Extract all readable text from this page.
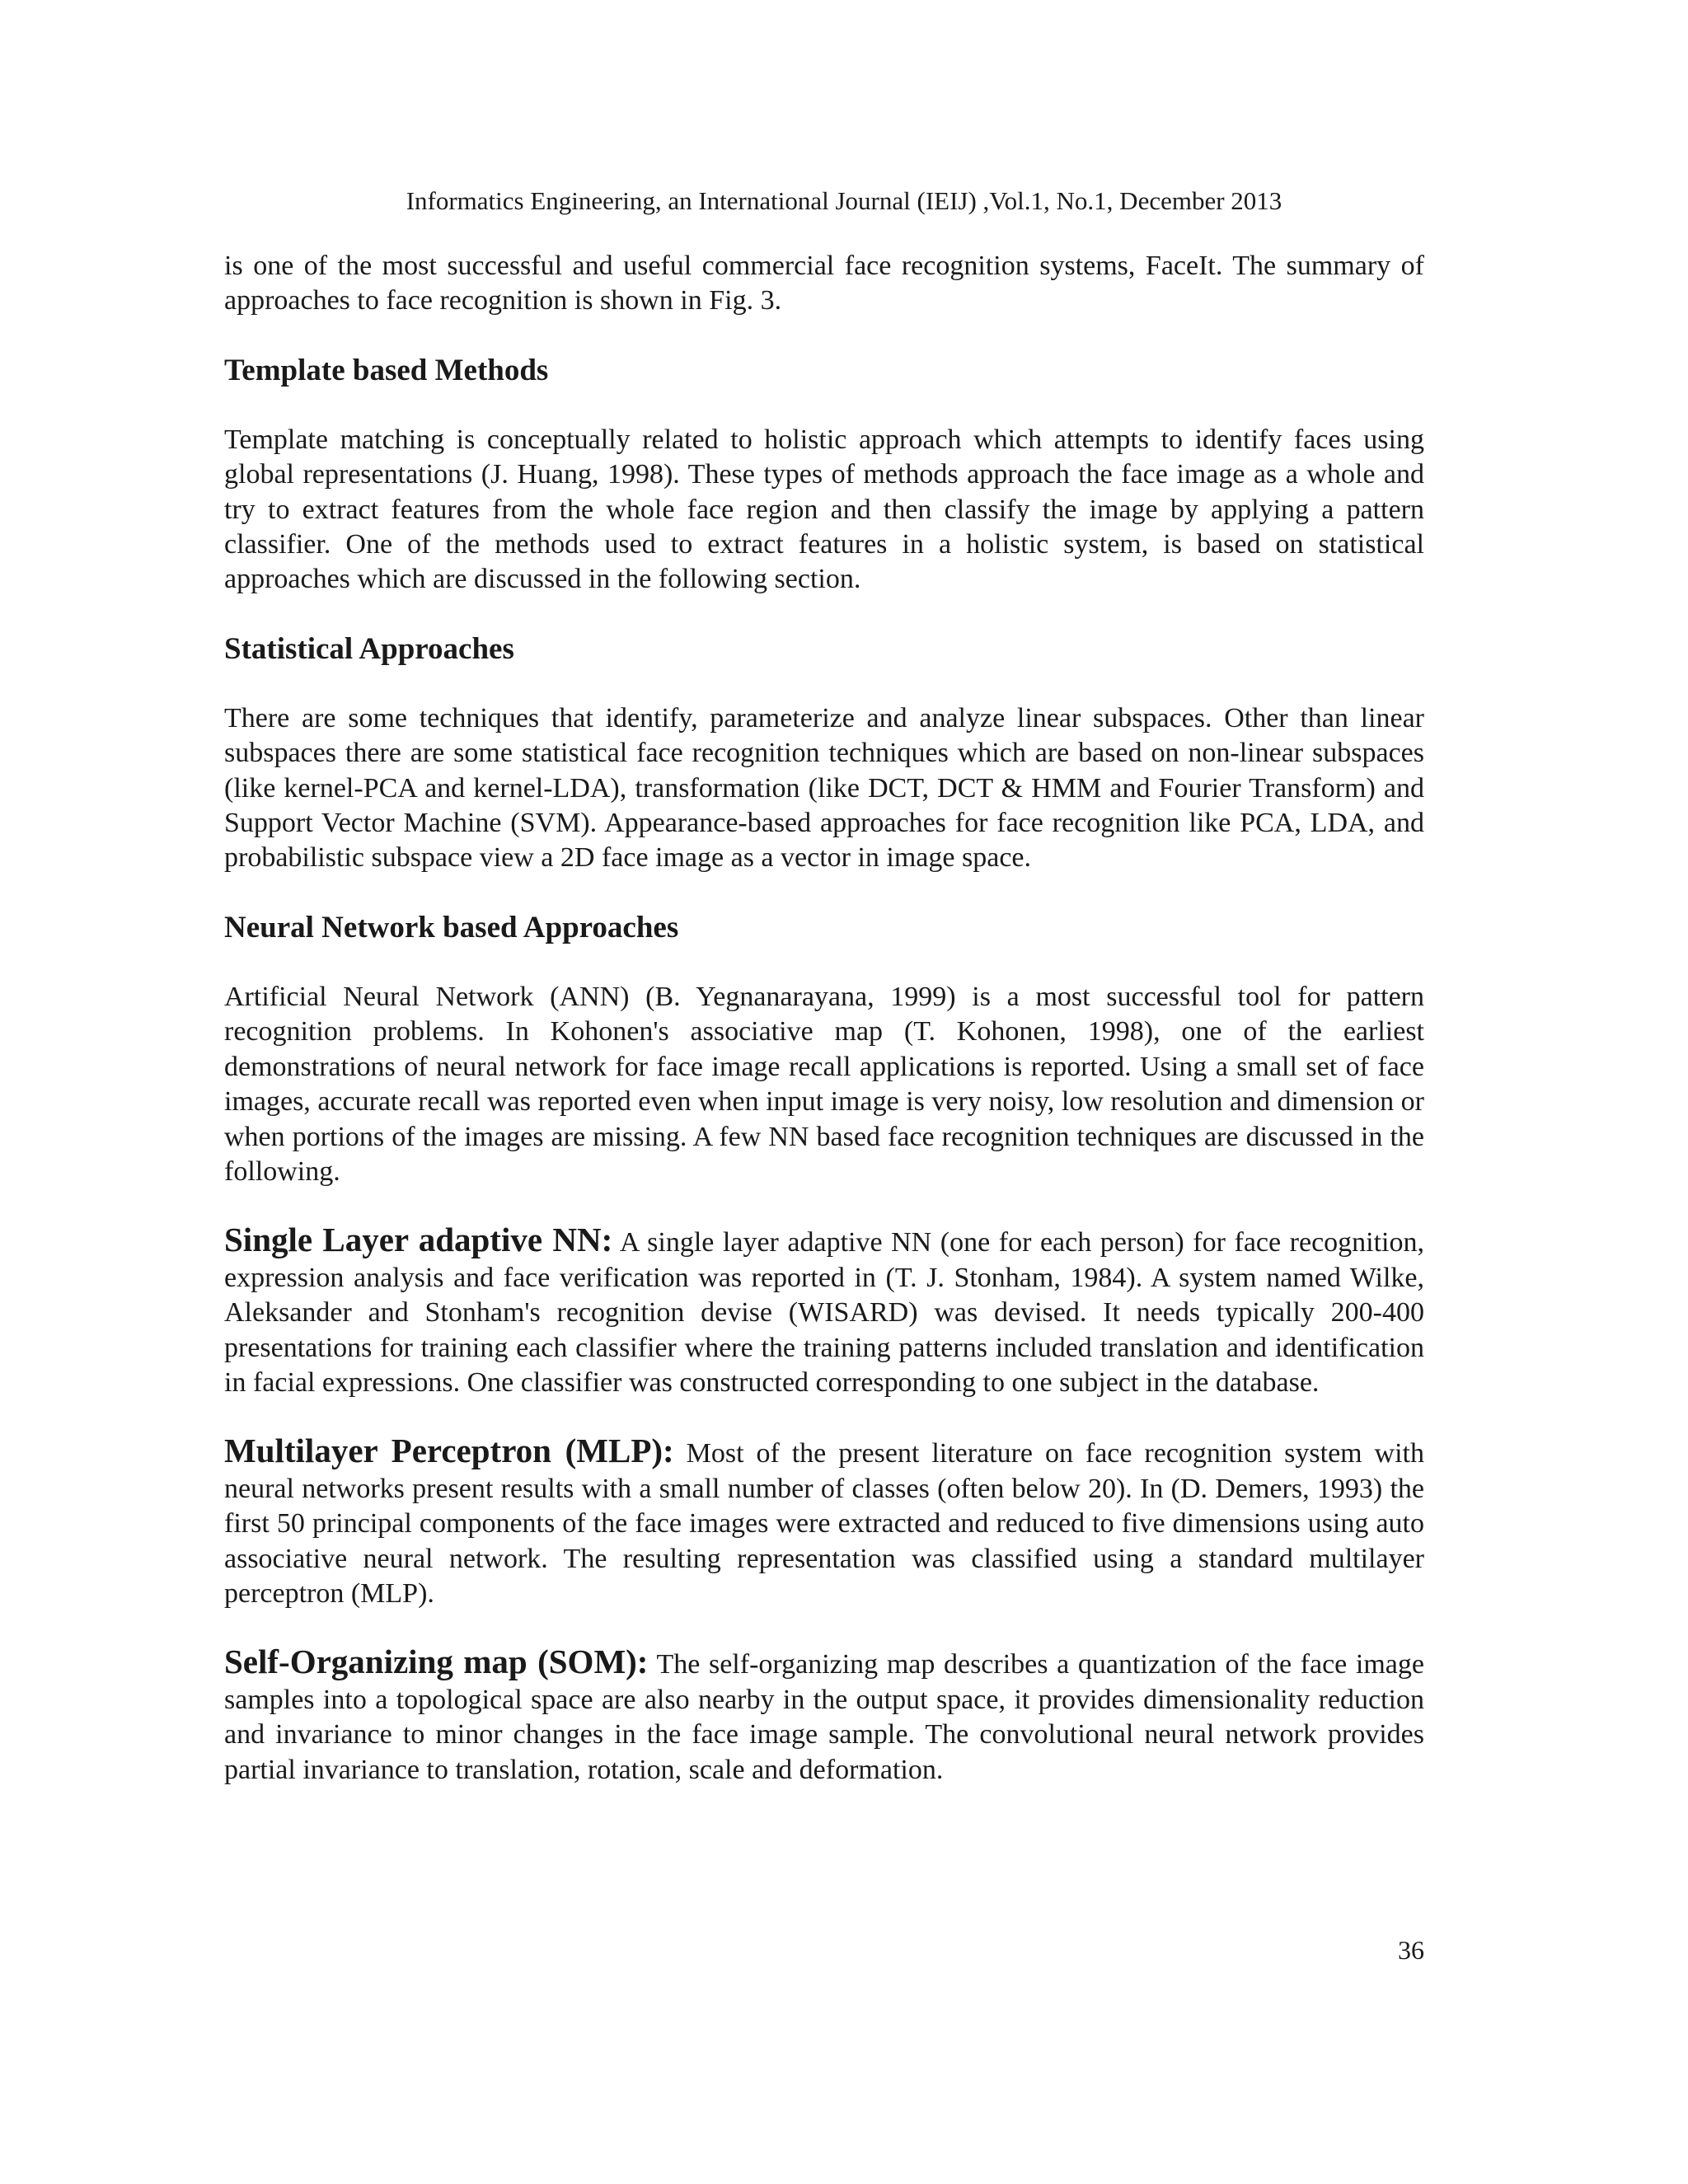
Informatics Engineering, an International Journal (IEIJ) ,Vol.1, No.1, December 2013

is one of the most successful and useful commercial face recognition systems, FaceIt. The summary of approaches to face recognition is shown in Fig. 3.

Template based Methods

Template matching is conceptually related to holistic approach which attempts to identify faces using global representations (J. Huang, 1998). These types of methods approach the face image as a whole and try to extract features from the whole face region and then classify the image by applying a pattern classifier. One of the methods used to extract features in a holistic system, is based on statistical approaches which are discussed in the following section.

Statistical Approaches

There are some techniques that identify, parameterize and analyze linear subspaces. Other than linear subspaces there are some statistical face recognition techniques which are based on non-linear subspaces (like kernel-PCA and kernel-LDA), transformation (like DCT, DCT & HMM and Fourier Transform) and Support Vector Machine (SVM). Appearance-based approaches for face recognition like PCA, LDA, and probabilistic subspace view a 2D face image as a vector in image space.

Neural Network based Approaches

Artificial Neural Network (ANN) (B. Yegnanarayana, 1999) is a most successful tool for pattern recognition problems. In Kohonen's associative map (T. Kohonen, 1998), one of the earliest demonstrations of neural network for face image recall applications is reported. Using a small set of face images, accurate recall was reported even when input image is very noisy, low resolution and dimension or when portions of the images are missing. A few NN based face recognition techniques are discussed in the following.

Single Layer adaptive NN: A single layer adaptive NN (one for each person) for face recognition, expression analysis and face verification was reported in (T. J. Stonham, 1984). A system named Wilke, Aleksander and Stonham's recognition devise (WISARD) was devised. It needs typically 200-400 presentations for training each classifier where the training patterns included translation and identification in facial expressions. One classifier was constructed corresponding to one subject in the database.

Multilayer Perceptron (MLP): Most of the present literature on face recognition system with neural networks present results with a small number of classes (often below 20). In (D. Demers, 1993) the first 50 principal components of the face images were extracted and reduced to five dimensions using auto associative neural network. The resulting representation was classified using a standard multilayer perceptron (MLP).

Self-Organizing map (SOM): The self-organizing map describes a quantization of the face image samples into a topological space are also nearby in the output space, it provides dimensionality reduction and invariance to minor changes in the face image sample. The convolutional neural network provides partial invariance to translation, rotation, scale and deformation.

36
